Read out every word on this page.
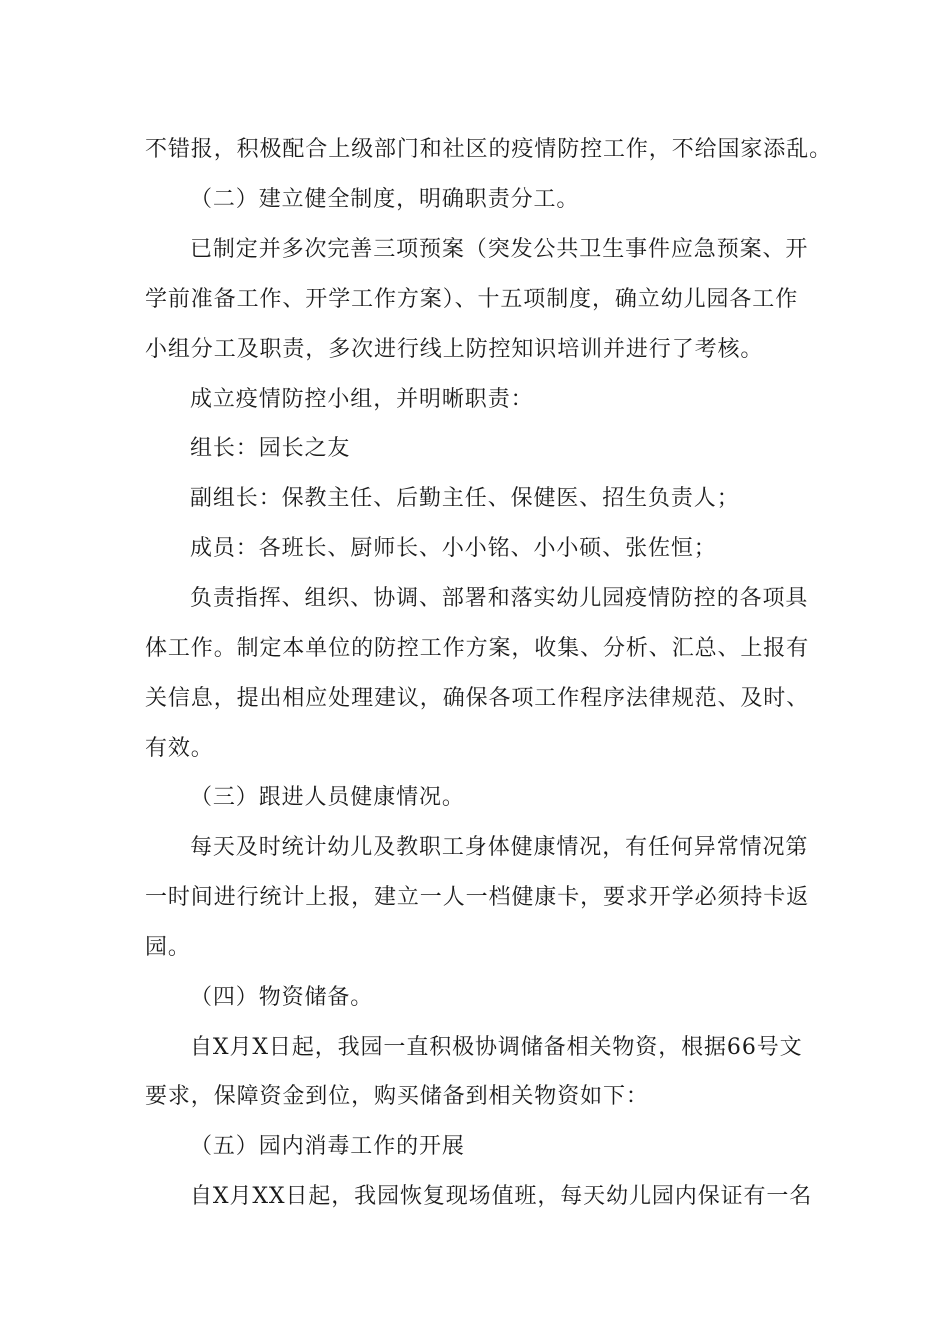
不错报，积极配合上级部门和社区的疫情防控工作，不给国家添乱。
（二）建立健全制度，明确职责分工。
已制定并多次完善三项预案（突发公共卫生事件应急预案、开
学前准备工作、开学工作方案）、十五项制度，确立幼儿园各工作
小组分工及职责，多次进行线上防控知识培训并进行了考核。
成立疫情防控小组，并明晰职责：
组长：园长之友
副组长：保教主任、后勤主任、保健医、招生负责人；
成员：各班长、厨师长、小小铭、小小硕、张佐恒；
负责指挥、组织、协调、部署和落实幼儿园疫情防控的各项具
体工作。制定本单位的防控工作方案，收集、分析、汇总、上报有
关信息，提出相应处理建议，确保各项工作程序法律规范、及时、
有效。
（三）跟进人员健康情况。
每天及时统计幼儿及教职工身体健康情况，有任何异常情况第
一时间进行统计上报，建立一人一档健康卡，要求开学必须持卡返
园。
（四）物资储备。
自X月X日起，我园一直积极协调储备相关物资，根据66号文
要求，保障资金到位，购买储备到相关物资如下：
（五）园内消毒工作的开展
自X月XX日起，我园恢复现场值班，每天幼儿园内保证有一名
